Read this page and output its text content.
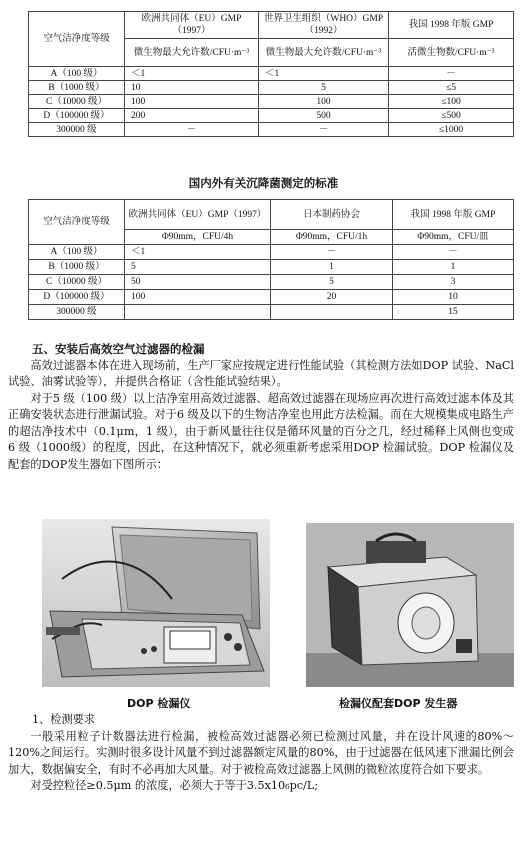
空气洁净度等级	欧洲共同体（EU）GMP（1997）	世界卫生组织（WHO）GMP（1992）	我国 1998 年版 GMP
	微生物最大允许数/CFU·m⁻³	微生物最大允许数/CFU·m⁻³	活微生物数/CFU·m⁻³
A（100 级）	＜1	＜1	－
B（1000 级）	10	5	≤5
C（10000 级）	100	100	≤100
D（100000 级）	200	500	≤500
300000 级	－	－	≤1000
国内外有关沉降菌测定的标准
空气洁净度等级	欧洲共同体（EU）GMP（1997）	日本制药协会	我国 1998 年版 GMP
	Φ90mm，CFU/4h	Φ90mm，CFU/1h	Φ90mm，CFU/皿
A（100 级）	＜1	－	－
B（1000 级）	5	1	1
C（10000 级）	50	5	3
D（100000 级）	100	20	10
300000 级			15

五、安装后高效空气过滤器的检漏

高效过滤器本体在进入现场前，生产厂家应按规定进行性能试验（其检测方法如DOP 试验、NaCl 试验、油雾试验等），并提供合格证（含性能试验结果）。

对于5 级（100 级）以上洁净室用高效过滤器、超高效过滤器在现场应再次进行高效过滤本体及其正确安装状态进行泄漏试验。对于6 级及以下的生物洁净室也用此方法检漏。而在大规模集成电路生产的超洁净技术中（0.1μm，1 级），由于新风量往往仅是循环风量的百分之几，经过稀释上风侧也变成6 级（1000级）的程度，因此，在这种情况下，就必须重新考虑采用DOP 检漏试验。DOP 检漏仪及配套的DOP发生器如下图所示：

DOP 检漏仪	检漏仪配套DOP 发生器

1、检测要求

一般采用粒子计数器法进行检漏，被检高效过滤器必须已检测过风量，并在设计风速的80%～120%之间运行。实测时很多设计风量不到过滤器额定风量的80%，由于过滤器在低风速下泄漏比例会加大，数据偏安全，有时不必再加大风量。对于被检高效过滤器上风侧的微粒浓度符合如下要求。

对受控粒径≥0.5μm 的浓度，必须大于等于3.5x10₆pc/L;
